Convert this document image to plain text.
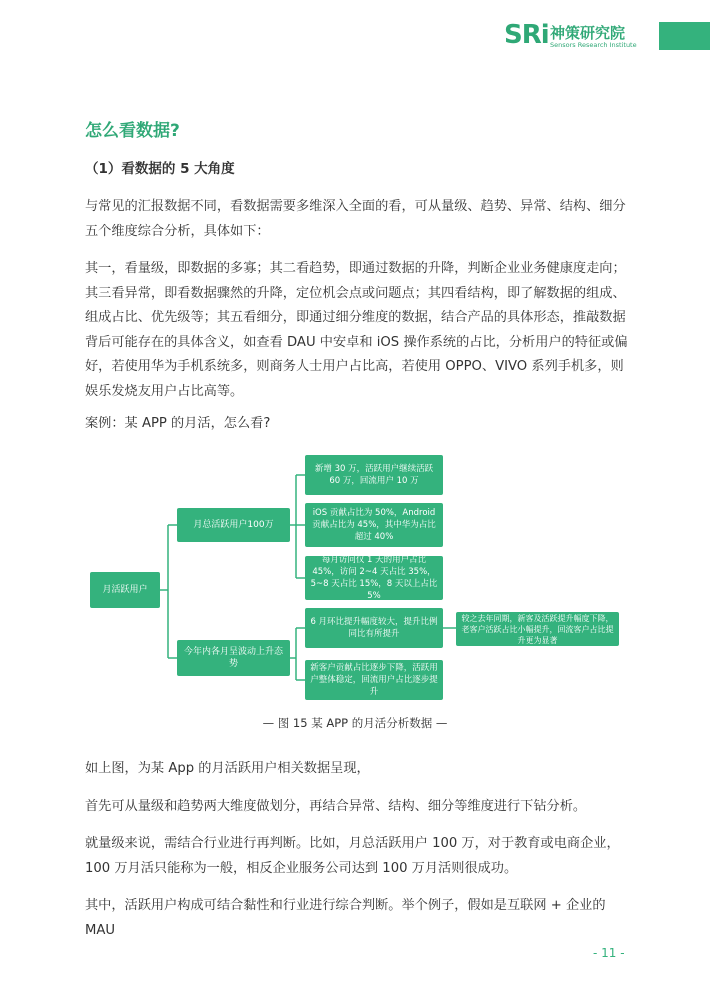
SRi 神策研究院
Sensors Research Institute
怎么看数据?
（1）看数据的 5 大角度

与常见的汇报数据不同，看数据需要多维深入全面的看，可从量级、趋势、异常、结构、细分五个维度综合分析，具体如下：

其一，看量级，即数据的多寡；其二看趋势，即通过数据的升降，判断企业业务健康度走向；其三看异常，即看数据骤然的升降，定位机会点或问题点；其四看结构，即了解数据的组成、组成占比、优先级等；其五看细分，即通过细分维度的数据，结合产品的具体形态，推敲数据背后可能存在的具体含义，如查看 DAU 中安卓和 iOS 操作系统的占比，分析用户的特征或偏好，若使用华为手机系统多，则商务人士用户占比高，若使用 OPPO、VIVO 系列手机多，则娱乐发烧友用户占比高等。

案例：某 APP 的月活，怎么看?

月活跃用户
月总活跃用户100万
今年内各月呈波动上升态势
新增 30 万，活跃用户继续活跃 60 万，回流用户 10 万
iOS 贡献占比为 50%，Android 贡献占比为 45%，其中华为占比超过 40%
每月访问仅 1 天的用户占比 45%，访问 2~4 天占比 35%，5~8 天占比 15%，8 天以上占比 5%
6 月环比提升幅度较大，提升比例同比有所提升
新客户贡献占比逐步下降，活跃用户整体稳定，回流用户占比逐步提升
较之去年同期，新客及活跃提升幅度下降，老客户活跃占比小幅提升，回流客户占比提升更为显著
— 图 15 某 APP 的月活分析数据 —

如上图，为某 App 的月活跃用户相关数据呈现，

首先可从量级和趋势两大维度做划分，再结合异常、结构、细分等维度进行下钻分析。

就量级来说，需结合行业进行再判断。比如，月总活跃用户 100 万，对于教育或电商企业，100 万月活只能称为一般，相反企业服务公司达到 100 万月活则很成功。

其中，活跃用户构成可结合黏性和行业进行综合判断。举个例子，假如是互联网 + 企业的 MAU

- 11 -
